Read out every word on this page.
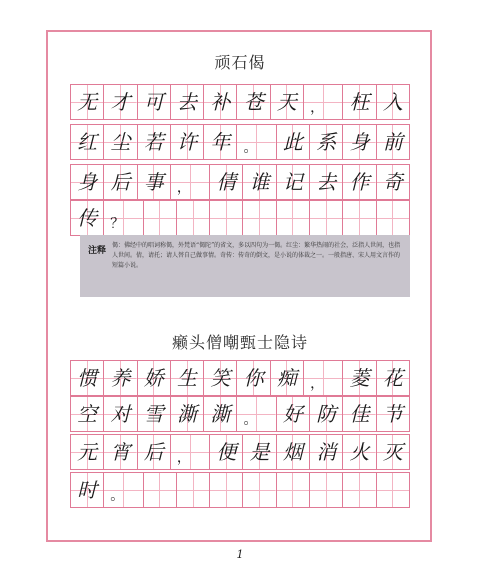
顽石偈
无 才 可 去 补 苍 天 ， 枉 入
红 尘 若 许 年 。 此 系 身 前
身 后 事 ， 倩 谁 记 去 作 奇
传 ？
注释
偈：佛经中的唱词称偈，外梵语“偈陀”的省文，多以四句为一偈。红尘：繁华热闹的社会，泛指人世间，也指人世间。倩，请托；请人替自己做事情。奇传：传奇的倒文，是小说的体裁之一。一般指唐、宋人用文言作的短篇小说。
癞头僧嘲甄士隐诗
惯 养 娇 生 笑 你 痴 ， 菱 花
空 对 雪 澌 澌 。 好 防 佳 节
元 宵 后 ， 便 是 烟 消 火 灭
时 。
1
